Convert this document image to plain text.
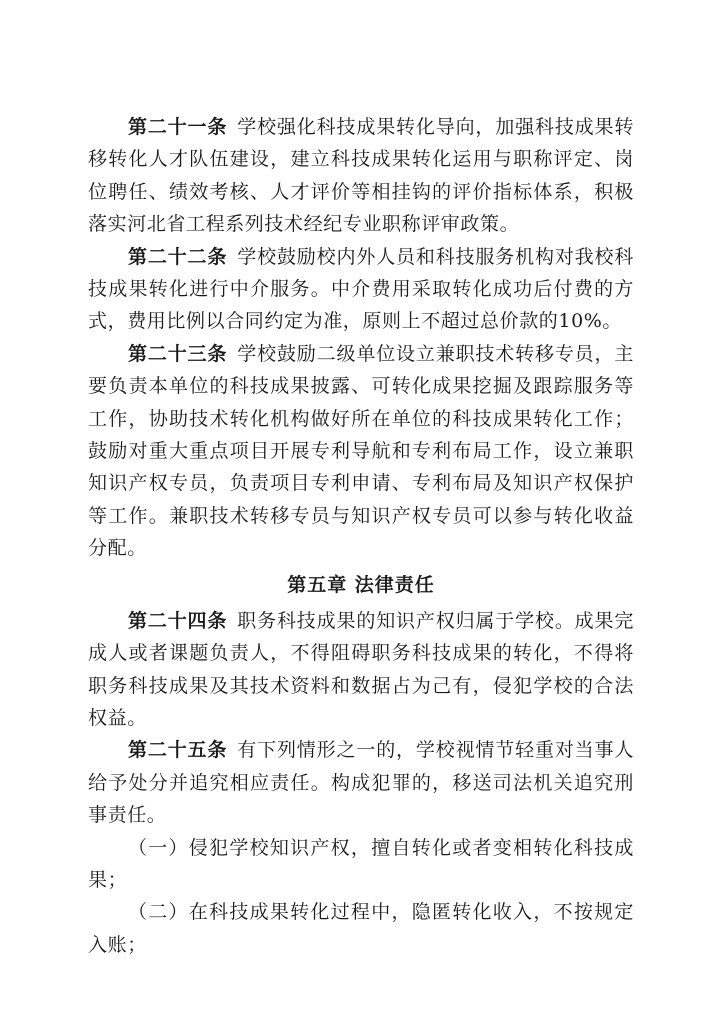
第二十一条 学校强化科技成果转化导向，加强科技成果转移转化人才队伍建设，建立科技成果转化运用与职称评定、岗位聘任、绩效考核、人才评价等相挂钩的评价指标体系，积极落实河北省工程系列技术经纪专业职称评审政策。

第二十二条 学校鼓励校内外人员和科技服务机构对我校科技成果转化进行中介服务。中介费用采取转化成功后付费的方式，费用比例以合同约定为准，原则上不超过总价款的10%。

第二十三条 学校鼓励二级单位设立兼职技术转移专员，主要负责本单位的科技成果披露、可转化成果挖掘及跟踪服务等工作，协助技术转化机构做好所在单位的科技成果转化工作；鼓励对重大重点项目开展专利导航和专利布局工作，设立兼职知识产权专员，负责项目专利申请、专利布局及知识产权保护等工作。兼职技术转移专员与知识产权专员可以参与转化收益分配。

第五章 法律责任

第二十四条 职务科技成果的知识产权归属于学校。成果完成人或者课题负责人，不得阻碍职务科技成果的转化，不得将职务科技成果及其技术资料和数据占为己有，侵犯学校的合法权益。

第二十五条 有下列情形之一的，学校视情节轻重对当事人给予处分并追究相应责任。构成犯罪的，移送司法机关追究刑事责任。

（一）侵犯学校知识产权，擅自转化或者变相转化科技成果；

（二）在科技成果转化过程中，隐匿转化收入，不按规定入账；
